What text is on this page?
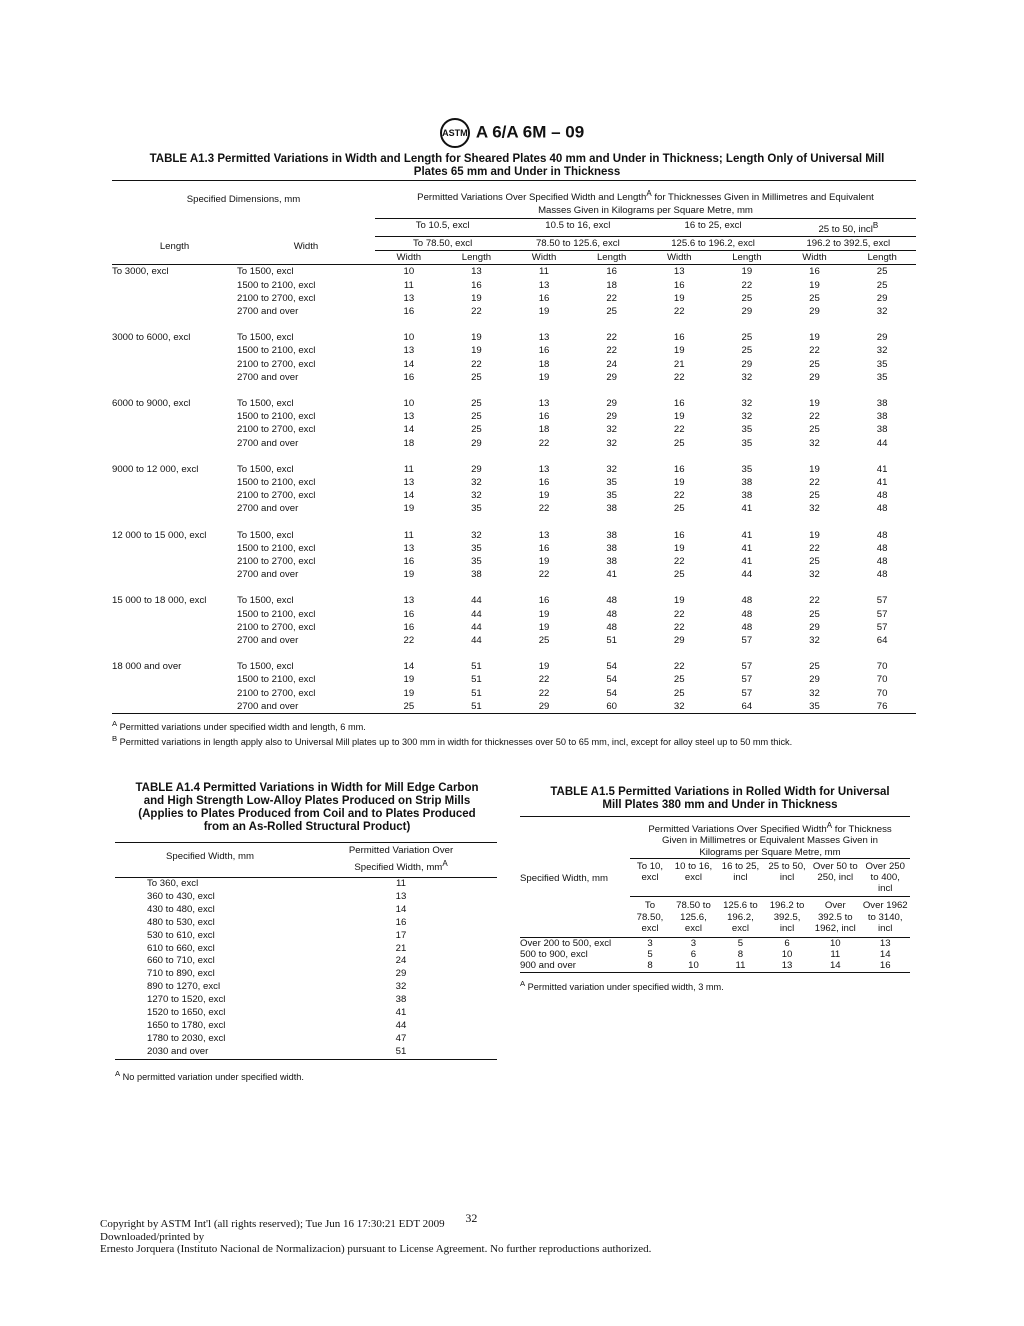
ASTM A 6/A 6M – 09
TABLE A1.3 Permitted Variations in Width and Length for Sheared Plates 40 mm and Under in Thickness; Length Only of Universal Mill
Plates 65 mm and Under in Thickness
Specified Dimensions, mm		Permitted Variations Over Specified Width and Length$^A$ for Thicknesses Given in Millimetres and Equivalent
Masses Given in Kilograms per Square Metre, mm							
Length	Width	To 10.5, excl		10.5 to 16, excl		16 to 25, excl		25 to 50, incl$^B$
		To 78.50, excl		78.50 to 125.6, excl		125.6 to 196.2, excl		196.2 to 392.5, excl	
		Width	Length	Width	Length	Width	Length	Width	Length
To 3000, excl	To 1500, excl	10	13	11	16	13	19	16	25
	1500 to 2100, excl	11	16	13	18	16	22	19	25
	2100 to 2700, excl	13	19	16	22	19	25	25	29
	2700 and over	16	22	19	25	22	29	29	32

3000 to 6000, excl	To 1500, excl	10	19	13	22	16	25	19	29
	1500 to 2100, excl	13	19	16	22	19	25	22	32
	2100 to 2700, excl	14	22	18	24	21	29	25	35
	2700 and over	16	25	19	29	22	32	29	35

6000 to 9000, excl	To 1500, excl	10	25	13	29	16	32	19	38
	1500 to 2100, excl	13	25	16	29	19	32	22	38
	2100 to 2700, excl	14	25	18	32	22	35	25	38
	2700 and over	18	29	22	32	25	35	32	44

9000 to 12 000, excl	To 1500, excl	11	29	13	32	16	35	19	41
	1500 to 2100, excl	13	32	16	35	19	38	22	41
	2100 to 2700, excl	14	32	19	35	22	38	25	48
	2700 and over	19	35	22	38	25	41	32	48

12 000 to 15 000, excl	To 1500, excl	11	32	13	38	16	41	19	48
	1500 to 2100, excl	13	35	16	38	19	41	22	48
	2100 to 2700, excl	16	35	19	38	22	41	25	48
	2700 and over	19	38	22	41	25	44	32	48

15 000 to 18 000, excl	To 1500, excl	13	44	16	48	19	48	22	57
	1500 to 2100, excl	16	44	19	48	22	48	25	57
	2100 to 2700, excl	16	44	19	48	22	48	29	57
	2700 and over	22	44	25	51	29	57	32	64

18 000 and over	To 1500, excl	14	51	19	54	22	57	25	70
	1500 to 2100, excl	19	51	22	54	25	57	29	70
	2100 to 2700, excl	19	51	22	54	25	57	32	70
	2700 and over	25	51	29	60	32	64	35	76
$^A$ Permitted variations under specified width and length, 6 mm.
$^B$ Permitted variations in length apply also to Universal Mill plates up to 300 mm in width for thicknesses over 50 to 65 mm, incl, except for alloy steel up to 50 mm thick.
TABLE A1.4 Permitted Variations in Width for Mill Edge Carbon
and High Strength Low-Alloy Plates Produced on Strip Mills
(Applies to Plates Produced from Coil and to Plates Produced
from an As-Rolled Structural Product)
Specified Width, mm	Permitted Variation Over
Specified Width, $mm^A$
To 360, excl	11
360 to 430, excl	13
430 to 480, excl	14
480 to 530, excl	16
530 to 610, excl	17
610 to 660, excl	21
660 to 710, excl	24
710 to 890, excl	29
890 to 1270, excl	32
1270 to 1520, excl	38
1520 to 1650, excl	41
1650 to 1780, excl	44
1780 to 2030, excl	47
2030 and over	51
$^A$ No permitted variation under specified width.
TABLE A1.5 Permitted Variations in Rolled Width for Universal
Mill Plates 380 mm and Under in Thickness
Specified Width, mm	Permitted Variations Over Specified Width$^A$ for Thickness
Given in Millimetres or Equivalent Masses Given in
Kilograms per Square Metre, mm					
	To 10, excl	10 to 16, excl	16 to 25, incl	25 to 50, incl	Over 50 to 250, incl	Over 250 to 400, incl
	To 78.50, excl	78.50 to 125.6, excl	125.6 to 196.2, excl	196.2 to 392.5, incl	Over 392.5 to 1962, incl	Over 1962 to 3140, incl
Over 200 to 500, excl	3	3	5	6	10	13
500 to 900, excl	5	6	8	10	11	14
900 and over	8	10	11	13	14	16
$^A$ Permitted variation under specified width, 3 mm.
Copyright by ASTM Int'l (all rights reserved); Tue Jun 16 17:30:21 EDT 2009 32
Downloaded/printed by
Ernesto Jorquera (Instituto Nacional de Normalizacion) pursuant to License Agreement. No further reproductions authorized.
